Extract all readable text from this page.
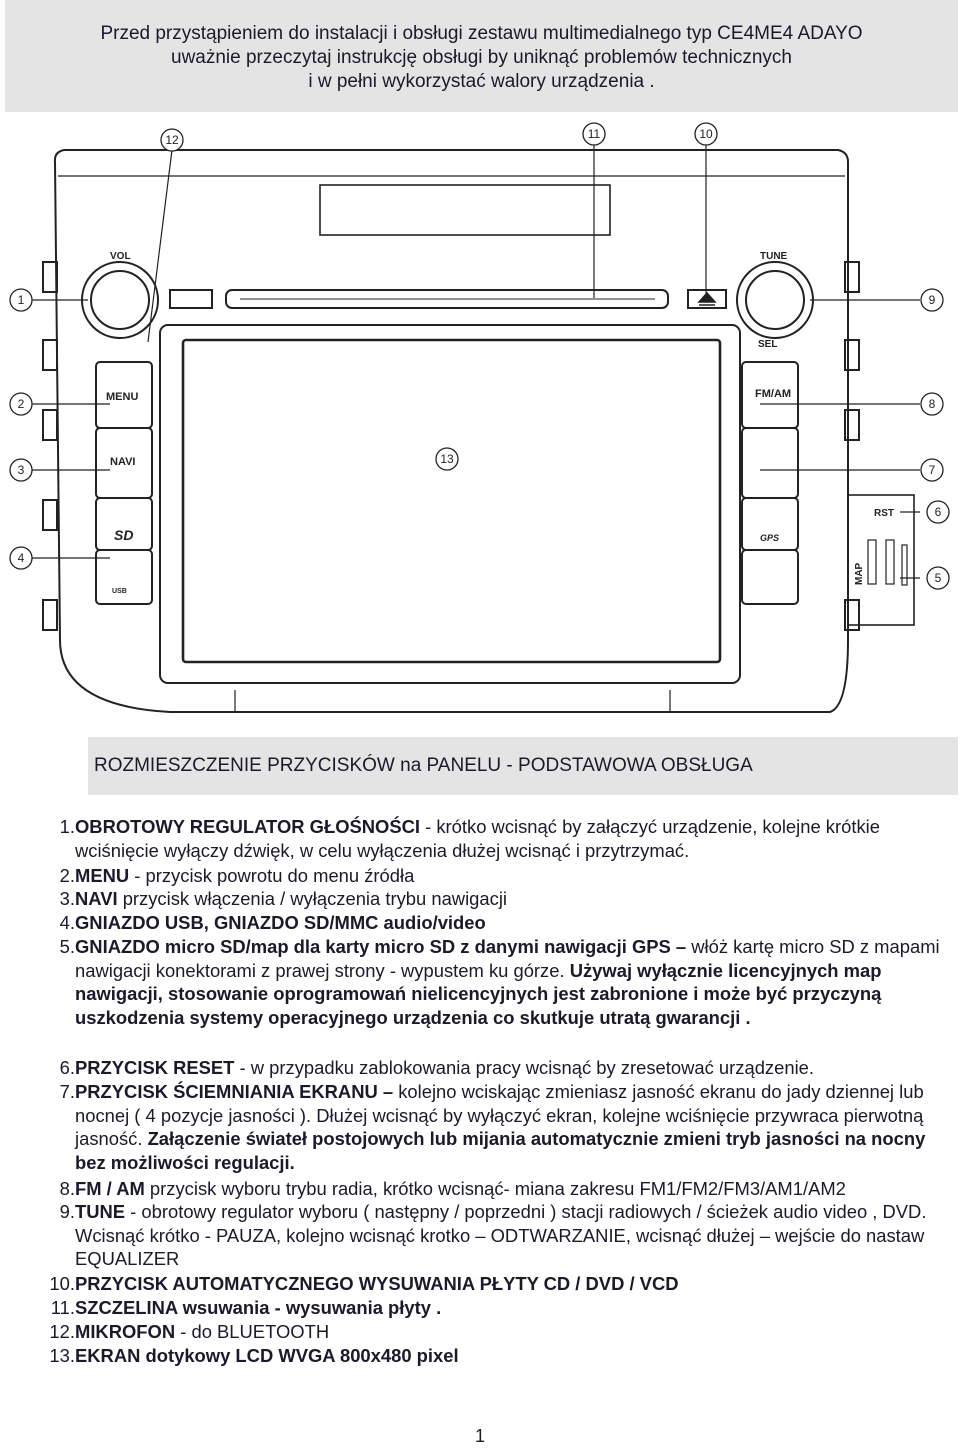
Przed przystąpieniem do instalacji i obsługi zestawu multimedialnego typ CE4ME4 ADAYO
uważnie przeczytaj instrukcję obsługi by uniknąć problemów technicznych
i w pełni wykorzystać walory urządzenia .
VOL	TUNE
SEL
MENU
NAVI
FM/AM
RST
MAP
GPS
USB
SD
12	11	10
1
2
3
4
9
8
7
6
5
13
ROZMIESZCZENIE PRZYCISKÓW na PANELU - PODSTAWOWA OBSŁUGA
1. OBROTOWY REGULATOR GŁOŚNOŚCI - krótko wcisnąć by załączyć urządzenie, kolejne krótkie wciśnięcie wyłączy dźwięk, w celu wyłączenia dłużej wcisnąć i przytrzymać.
2. MENU - przycisk powrotu do menu źródła
3. NAVI przycisk włączenia / wyłączenia trybu nawigacji
4. GNIAZDO USB, GNIAZDO SD/MMC audio/video
5. GNIAZDO micro SD/map dla karty micro SD z danymi nawigacji GPS – włóż kartę micro SD z mapami nawigacji konektorami z prawej strony - wypustem ku górze. Używaj wyłącznie licencyjnych map nawigacji, stosowanie oprogramowań nielicencyjnych jest zabronione i może być przyczyną uszkodzenia systemy operacyjnego urządzenia co skutkuje utratą gwarancji .
6. PRZYCISK RESET - w przypadku zablokowania pracy wcisnąć by zresetować urządzenie.
7. PRZYCISK ŚCIEMNIANIA EKRANU – kolejno wciskając zmieniasz jasność ekranu do jady dziennej lub nocnej ( 4 pozycje jasności ). Dłużej wcisnąć by wyłączyć ekran, kolejne wciśnięcie przywraca pierwotną jasność. Załączenie świateł postojowych lub mijania automatycznie zmieni tryb jasności na nocny bez możliwości regulacji.
8. FM / AM przycisk wyboru trybu radia, krótko wcisnąć- miana zakresu FM1/FM2/FM3/AM1/AM2
9. TUNE - obrotowy regulator wyboru ( następny / poprzedni ) stacji radiowych / ścieżek audio video , DVD. Wcisnąć krótko - PAUZA, kolejno wcisnąć krotko – ODTWARZANIE, wcisnąć dłużej – wejście do nastaw EQUALIZER
10. PRZYCISK AUTOMATYCZNEGO WYSUWANIA PŁYTY CD / DVD / VCD
11. SZCZELINA wsuwania - wysuwania płyty .
12. MIKROFON - do BLUETOOTH
13. EKRAN dotykowy LCD WVGA 800x480 pixel
1
